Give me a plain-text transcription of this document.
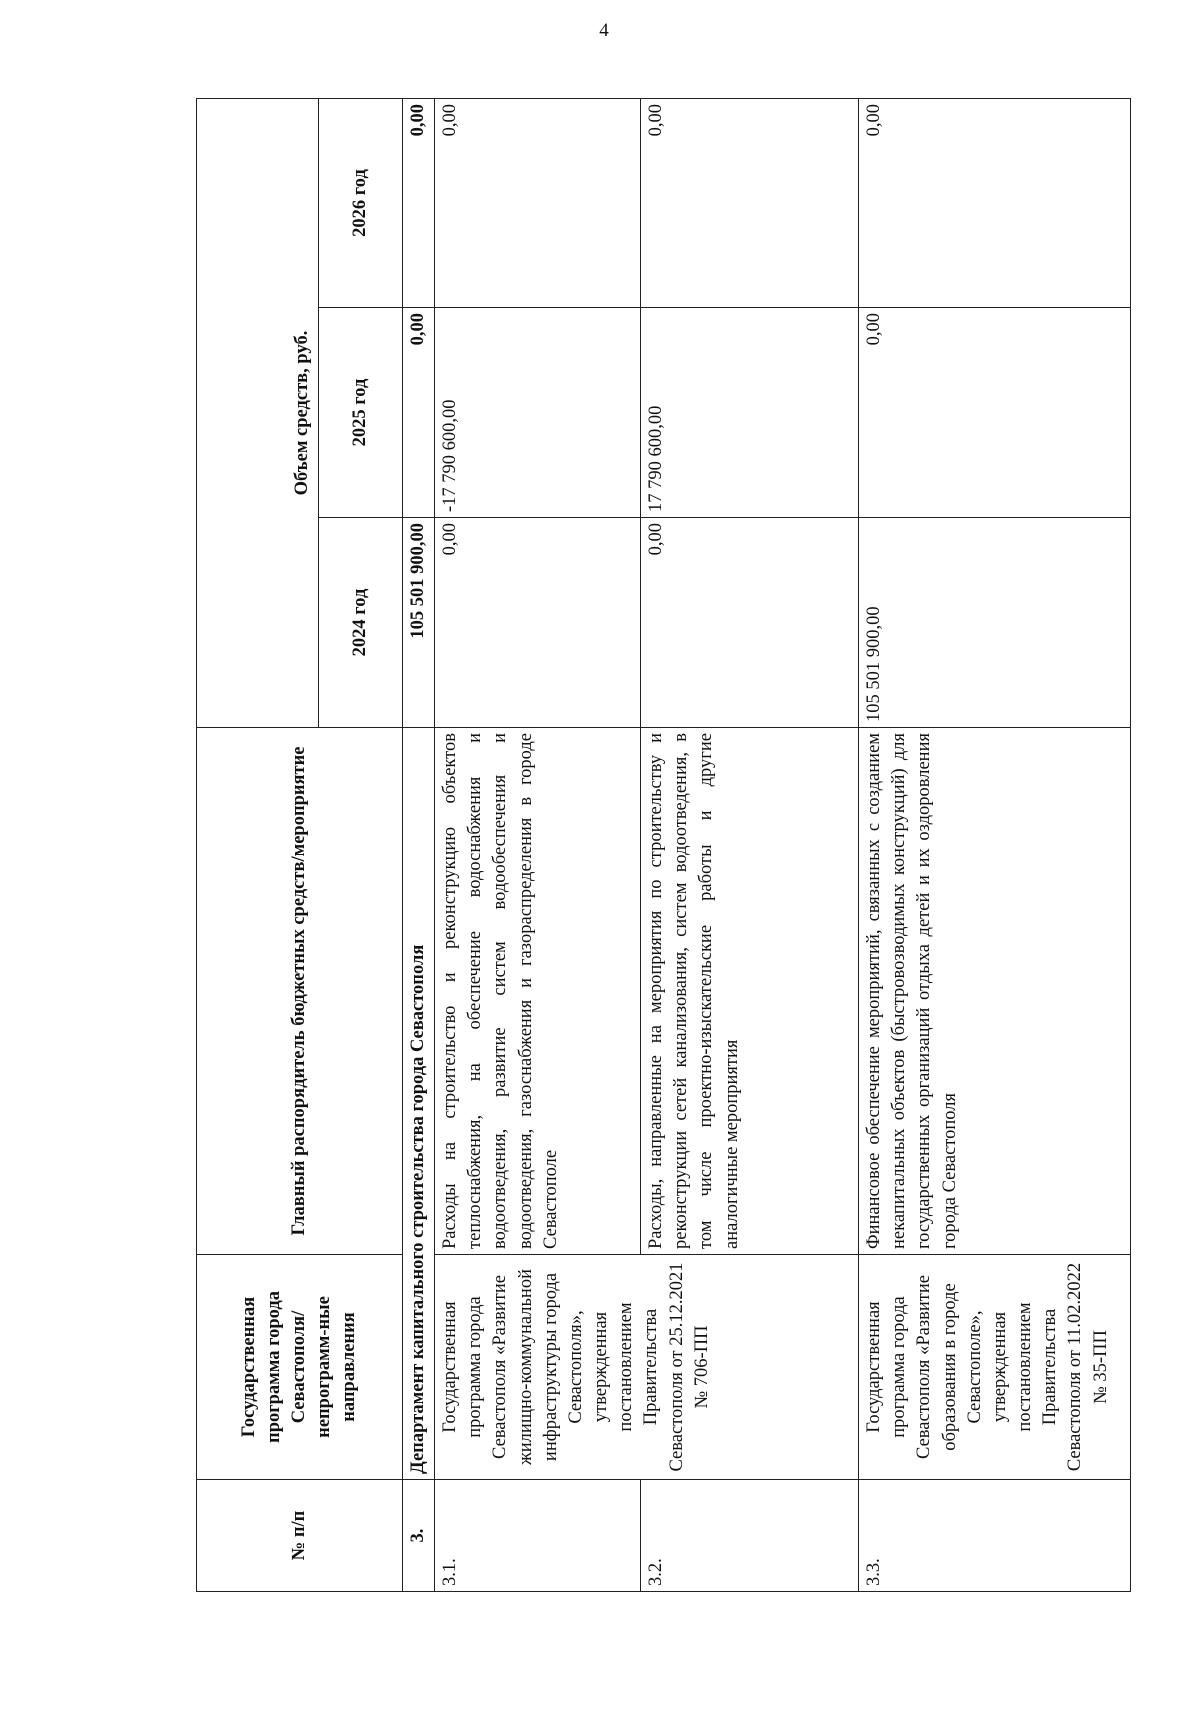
4
№ п/п	Государственная программа города Севастополя/непрограмм-ные направления	Главный распорядитель бюджетных средств/мероприятие	Объем средств, руб.		
			2024 год	2025 год	2026 год
3.	Департамент капитального строительства города Севастополя		105 501 900,00	0,00	0,00
3.1.	Государственная программа города Севастополя «Развитие жилищно-коммунальной инфраструктуры города Севастополя», утвержденная постановлением Правительства Севастополя от 25.12.2021 № 706-ПП	Расходы на строительство и реконструкцию объектов теплоснабжения, на обеспечение водоснабжения и водоотведения, развитие систем водообеспечения и водоотведения, газоснабжения и газораспределения в городе Севастополе	0,00	-17 790 600,00	0,00
3.2.		Расходы, направленные на мероприятия по строительству и реконструкции сетей канализования, систем водоотведения, в том числе проектно-изыскательские работы и другие аналогичные мероприятия	0,00	17 790 600,00	0,00
3.3.	Государственная программа города Севастополя «Развитие образования в городе Севастополе», утвержденная постановлением Правительства Севастополя от 11.02.2022 № 35-ПП	Финансовое обеспечение мероприятий, связанных с созданием некапитальных объектов (быстровозводимых конструкций) для государственных организаций отдыха детей и их оздоровления города Севастополя	105 501 900,00	0,00	0,00
